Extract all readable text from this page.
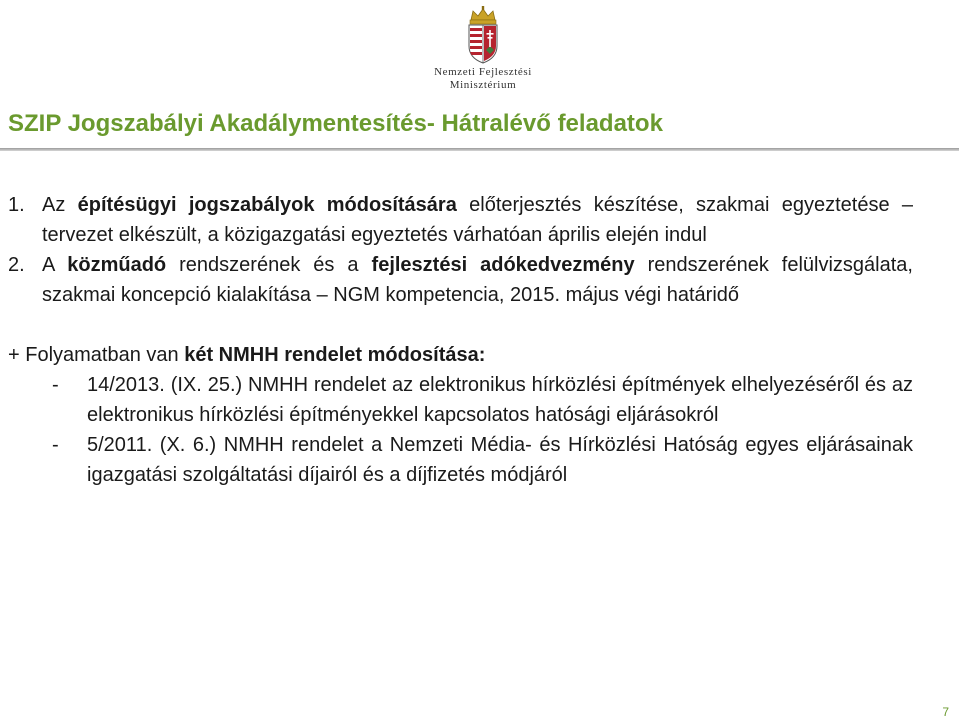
Nemzeti Fejlesztési
Minisztérium
SZIP Jogszabályi Akadálymentesítés- Hátralévő feladatok
1. Az építésügyi jogszabályok módosítására előterjesztés készítése, szakmai egyeztetése – tervezet elkészült, a közigazgatási egyeztetés várhatóan április elején indul
2. A közműadó rendszerének és a fejlesztési adókedvezmény rendszerének felülvizsgálata, szakmai koncepció kialakítása – NGM kompetencia, 2015. május végi határidő
+ Folyamatban van két NMHH rendelet módosítása:
- 14/2013. (IX. 25.) NMHH rendelet az elektronikus hírközlési építmények elhelyezéséről és az elektronikus hírközlési építményekkel kapcsolatos hatósági eljárásokról
- 5/2011. (X. 6.) NMHH rendelet a Nemzeti Média- és Hírközlési Hatóság egyes eljárásainak igazgatási szolgáltatási díjairól és a díjfizetés módjáról
7
